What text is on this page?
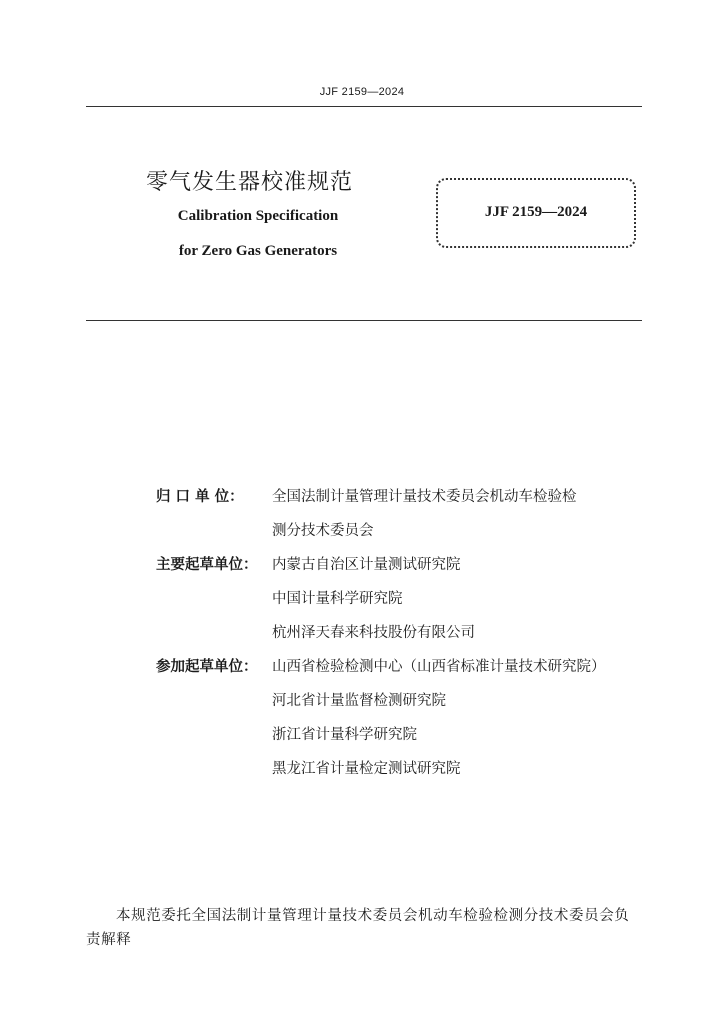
JJF 2159—2024
零气发生器校准规范
Calibration Specification
for Zero Gas Generators
JJF 2159—2024
归 口 单 位：	全国法制计量管理计量技术委员会机动车检验检
测分技术委员会
主要起草单位：	内蒙古自治区计量测试研究院
中国计量科学研究院
杭州泽天春来科技股份有限公司
参加起草单位：	山西省检验检测中心（山西省标准计量技术研究院）
河北省计量监督检测研究院
浙江省计量科学研究院
黑龙江省计量检定测试研究院
本规范委托全国法制计量管理计量技术委员会机动车检验检测分技术委员会负责解释
